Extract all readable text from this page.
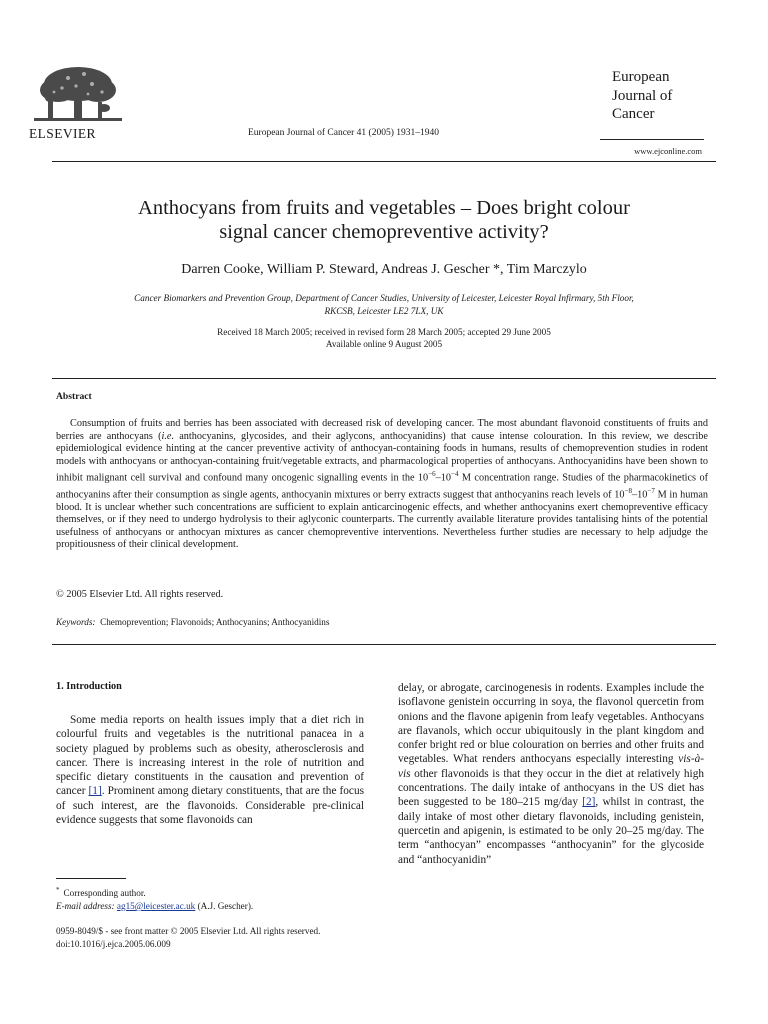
ELSEVIER	European Journal of Cancer 41 (2005) 1931–1940
European
Journal of
Cancer
www.ejconline.com
Anthocyans from fruits and vegetables – Does bright colour
signal cancer chemopreventive activity?
Darren Cooke, William P. Steward, Andreas J. Gescher *, Tim Marczylo
Cancer Biomarkers and Prevention Group, Department of Cancer Studies, University of Leicester, Leicester Royal Infirmary, 5th Floor,
RKCSB, Leicester LE2 7LX, UK
Received 18 March 2005; received in revised form 28 March 2005; accepted 29 June 2005
Available online 9 August 2005
Abstract
Consumption of fruits and berries has been associated with decreased risk of developing cancer. The most abundant flavonoid constituents of fruits and berries are anthocyans (i.e. anthocyanins, glycosides, and their aglycons, anthocyanidins) that cause intense colouration. In this review, we describe epidemiological evidence hinting at the cancer preventive activity of anthocyan-containing foods in humans, results of chemoprevention studies in rodent models with anthocyans or anthocyan-containing fruit/vegetable extracts, and pharmacological properties of anthocyans. Anthocyanidins have been shown to inhibit malignant cell survival and confound many oncogenic signalling events in the $10^{-6}-10^{-4}$ M concentration range. Studies of the pharmacokinetics of anthocyanins after their consumption as single agents, anthocyanin mixtures or berry extracts suggest that anthocyanins reach levels of $10^{-8}-10^{-7}$ M in human blood. It is unclear whether such concentrations are sufficient to explain anticarcinogenic effects, and whether anthocyanins exert chemopreventive efficacy themselves, or if they need to undergo hydrolysis to their aglyconic counterparts. The currently available literature provides tantalising hints of the potential usefulness of anthocyans or anthocyan mixtures as cancer chemopreventive interventions. Nevertheless further studies are necessary to help adjudge the propitiousness of their clinical development.
© 2005 Elsevier Ltd. All rights reserved.
Keywords: Chemoprevention; Flavonoids; Anthocyanins; Anthocyanidins
1. Introduction
Some media reports on health issues imply that a diet rich in colourful fruits and vegetables is the nutritional panacea in a society plagued by problems such as obesity, atherosclerosis and cancer. There is increasing interest in the role of nutrition and specific dietary constituents in the causation and prevention of cancer [1]. Prominent among dietary constituents, that are the focus of such interest, are the flavonoids. Considerable pre-clinical evidence suggests that some flavonoids can
delay, or abrogate, carcinogenesis in rodents. Examples include the isoflavone genistein occurring in soya, the flavonol quercetin from onions and the flavone apigenin from leafy vegetables. Anthocyans are flavanols, which occur ubiquitously in the plant kingdom and confer bright red or blue colouration on berries and other fruits and vegetables. What renders anthocyans especially interesting vis-à-vis other flavonoids is that they occur in the diet at relatively high concentrations. The daily intake of anthocyans in the US diet has been suggested to be 180–215 mg/day [2], whilst in contrast, the daily intake of most other dietary flavonoids, including genistein, quercetin and apigenin, is estimated to be only 20–25 mg/day. The term “anthocyan” encompasses “anthocyanin” for the glycoside and “anthocyanidin”
* Corresponding author.
E-mail address: ag15@leicester.ac.uk (A.J. Gescher).
0959-8049/$ - see front matter © 2005 Elsevier Ltd. All rights reserved.
doi:10.1016/j.ejca.2005.06.009
